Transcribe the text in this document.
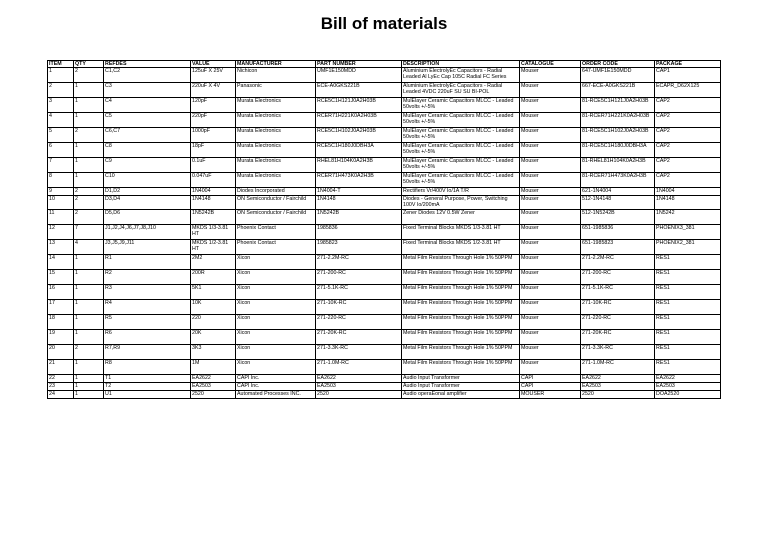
Bill of materials
ITEM	QTY	REFDES	VALUE	MANUFACTURER	PART NUMBER	DESCRIPTION	CATALOGUE	ORDER CODE	PACKAGE
1	2	C1,C2	125uF X 25V	Nichicon	UMF1E150MDD	Aluminium ElectrolyEc Capacitors - Radial Leaded Al LyEc Cap 105C Radial FC Series	Mouser	647-UMF1E150MDD	CAP1
2	1	C3	220uF X 4V	Panasonic	ECE-A0GKS221B	Aluminium ElectrolyEc Capacitors - Radial Leaded 4VDC 220uF SU SU BI-POL	Mouser	667-ECE-A0GKS221B	ECAPR_D62X125
3	1	C4	120pF	Murata Electronics	RCE5C1H121J0A2H03B	MulElayer Ceramic Capacitors MLCC - Leaded 50volts +/-5%	Mouser	81-RCE5C1H121J0A2H03B	CAP2
4	1	C5	220pF	Murata Electronics	RCER71H221K0A2H03B	MulElayer Ceramic Capacitors MLCC - Leaded 50volts +/-5%	Mouser	81-RCER71H221K0A2H03B	CAP2
5	2	C6,C7	1000pF	Murata Electronics	RCE5C1H102J0A2H03B	MulElayer Ceramic Capacitors MLCC - Leaded 50volts +/-5%	Mouser	81-RCE5C1H102J0A2H03B	CAP2
6	1	C8	18pF	Murata Electronics	RCE5C1H180J0DBH3A	MulElayer Ceramic Capacitors MLCC - Leaded 50volts +/-5%	Mouser	81-RCE5C1H180J0DBH3A	CAP2
7	1	C9	0.1uF	Murata Electronics	RHEL81H104K0A2H3B	MulElayer Ceramic Capacitors MLCC - Leaded 50volts +/-5%	Mouser	81-RHEL81H104K0A2H3B	CAP2
8	1	C10	0.047uF	Murata Electronics	RCER71H473K0A2H3B	MulElayer Ceramic Capacitors MLCC - Leaded 50volts +/-5%	Mouser	81-RCER71H473K0A2H3B	CAP2
9	2	D1,D2	1N4004	Diodes Incorporated	1N4004-T	Rectifiers Vr/400V Io/1A T/R	Mouser	621-1N4004	1N4004
10	2	D3,D4	1N4148	ON Semiconductor / Fairchild	1N4148	Diodes - General Purpose, Power, Switching 100V Io/200mA	Mouser	512-1N4148	1N4148
11	2	D5,D6	1N5242B	ON Semiconductor / Fairchild	1N5242B	Zener Diodes 12V 0.5W Zener	Mouser	512-1N5242B	1N5242
12	7	J1,J2,J4,J6,J7,J8,J10	MKDS 1/3-3.81 HT	Phoenix Contact	1985836	Fixed Terminal Blocks MKDS 1/3-3.81 HT	Mouser	651-1985836	PHOENIX3_381
13	4	J3,J5,J9,J11	MKDS 1/2-3.81 HT	Phoenix Contact	1985823	Fixed Terminal Blocks MKDS 1/2-3.81 HT	Mouser	651-1985823	PHOENIX2_381
14	1	R1	2M2	Xicon	271-2.2M-RC	Metal Film Resistors Through Hole 1% 50PPM	Mouser	271-2.2M-RC	RES1
15	1	R2	200R	Xicon	271-200-RC	Metal Film Resistors Through Hole 1% 50PPM	Mouser	271-200-RC	RES1
16	1	R3	5K1	Xicon	271-5.1K-RC	Metal Film Resistors Through Hole 1% 50PPM	Mouser	271-5.1K-RC	RES1
17	1	R4	10K	Xicon	271-10K-RC	Metal Film Resistors Through Hole 1% 50PPM	Mouser	271-10K-RC	RES1
18	1	R5	220	Xicon	271-220-RC	Metal Film Resistors Through Hole 1% 50PPM	Mouser	271-220-RC	RES1
19	1	R6	20K	Xicon	271-20K-RC	Metal Film Resistors Through Hole 1% 50PPM	Mouser	271-20K-RC	RES1
20	2	R7,R9	3K3	Xicon	271-3.3K-RC	Metal Film Resistors Through Hole 1% 50PPM	Mouser	271-3.3K-RC	RES1
21	1	R8	1M	Xicon	271-1.0M-RC	Metal Film Resistors Through Hole 1% 50PPM	Mouser	271-1.0M-RC	RES1
22	1	T1	EA2622	CAPI Inc.	EA2622	Audio Input Transformer	CAPI	EA2622	EA2622
23	1	T2	EA2503	CAPI Inc.	EA2503	Audio Input Transformer	CAPI	EA2503	EA2503
24	1	U1	2520	Automated Processes INC.	2520	Audio operaEonal amplifier	MOUSER	2520	DOA2520
